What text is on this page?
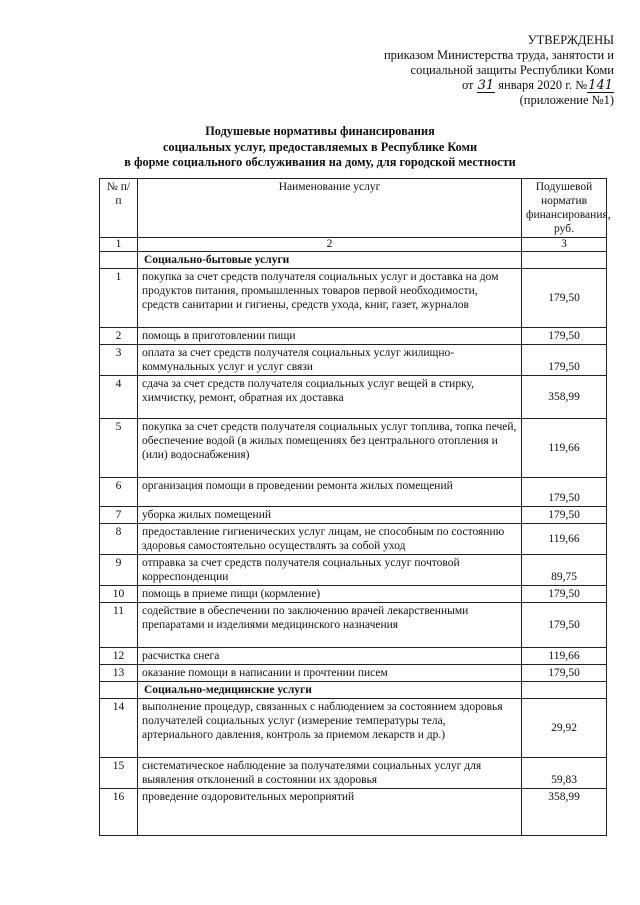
УТВЕРЖДЕНЫ
приказом Министерства труда, занятости и
социальной защиты Республики Коми
от 31 января 2020 г. №141
(приложение №1)
Подушевые нормативы финансирования
социальных услуг, предоставляемых в Республике Коми
в форме социального обслуживания на дому, для городской местности
№ п/п	Наименование услуг	Подушевой норматив финансирования, руб.
1	2	3
	Социально-бытовые услуги	
1	покупка за счет средств получателя социальных услуг и доставка на дом продуктов питания, промышленных товаров первой необходимости, средств санитарии и гигиены, средств ухода, книг, газет, журналов	179,50
2	помощь в приготовлении пищи	179,50
3	оплата за счет средств получателя социальных услуг жилищно-коммунальных услуг и услуг связи	179,50
4	сдача за счет средств получателя социальных услуг вещей в стирку, химчистку, ремонт, обратная их доставка	358,99
5	покупка за счет средств получателя социальных услуг топлива, топка печей, обеспечение водой (в жилых помещениях без центрального отопления и (или) водоснабжения)	119,66
6	организация помощи в проведении ремонта жилых помещений	179,50
7	уборка жилых помещений	179,50
8	предоставление гигиенических услуг лицам, не способным по состоянию здоровья самостоятельно осуществлять за собой уход	119,66
9	отправка за счет средств получателя социальных услуг почтовой корреспонденции	89,75
10	помощь в приеме пищи (кормление)	179,50
11	содействие в обеспечении по заключению врачей лекарственными препаратами и изделиями медицинского назначения	179,50
12	расчистка снега	119,66
13	оказание помощи в написании и прочтении писем	179,50
	Социально-медицинские услуги	
14	выполнение процедур, связанных с наблюдением за состоянием здоровья получателей социальных услуг (измерение температуры тела, артериального давления, контроль за приемом лекарств и др.)	29,92
15	систематическое наблюдение за получателями социальных услуг для выявления отклонений в состоянии их здоровья	59,83
16	проведение оздоровительных мероприятий	358,99
